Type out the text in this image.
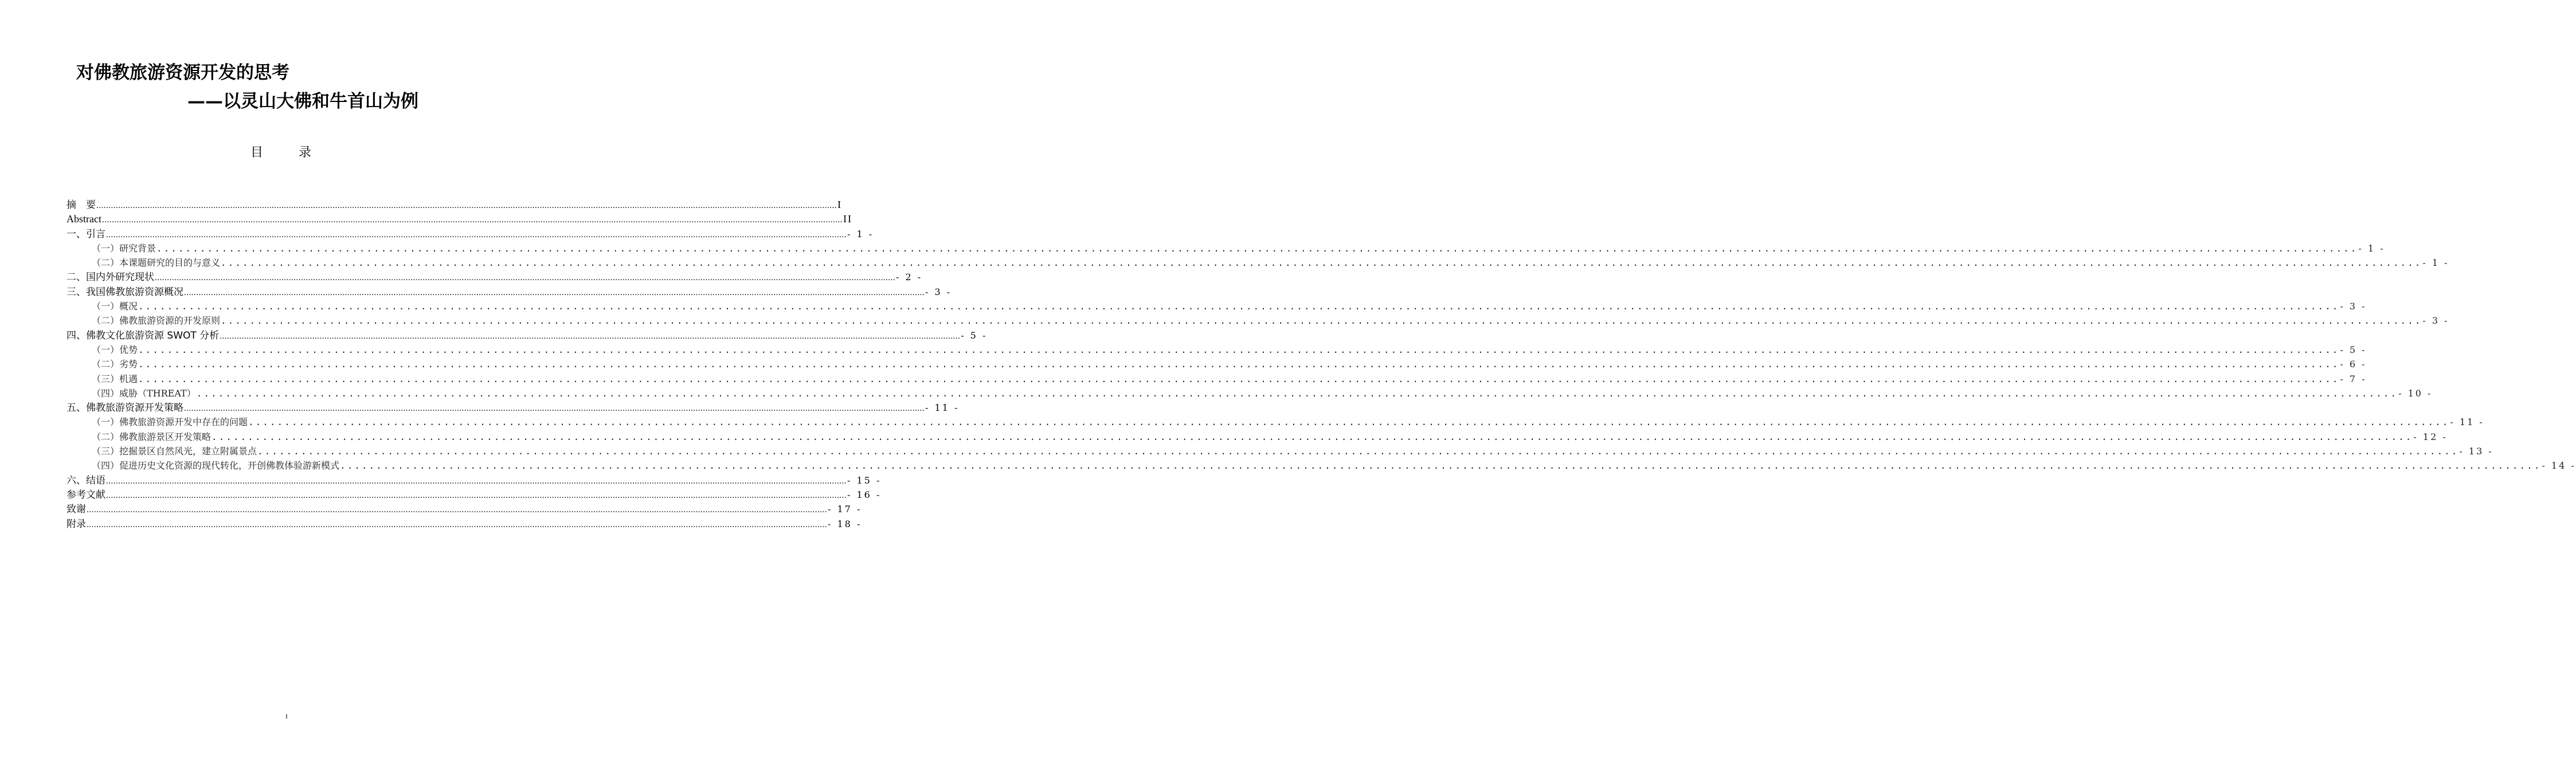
对佛教旅游资源开发的思考
——以灵山大佛和牛首山为例
目　录
摘　要 .....	I
Abstract .....	II
一、引言 .....	- 1 -
（一）研究背景 .....	- 1 -
（二）本课题研究的目的与意义 .....	- 1 -
二、国内外研究现状 .....	- 2 -
三、我国佛教旅游资源概况 .....	- 3 -
（一）概况 .....	- 3 -
（二）佛教旅游资源的开发原则 .....	- 3 -
四、佛教文化旅游资源 SWOT 分析 .....	- 5 -
（一）优势 .....	- 5 -
（二）劣势 .....	- 6 -
（三）机遇 .....	- 7 -
（四）威胁（THREAT） .....	- 10 -
五、佛教旅游资源开发策略 .....	- 11 -
（一）佛教旅游资源开发中存在的问题 .....	- 11 -
（二）佛教旅游景区开发策略 .....	- 12 -
（三）挖掘景区自然风光，建立附属景点 .....	- 13 -
（四）促进历史文化资源的现代转化，开创佛教体验游新模式 .....	- 14 -
六、结语 .....	- 15 -
参考文献 .....	- 16 -
致谢 .....	- 17 -
附录 .....	- 18 -
I
